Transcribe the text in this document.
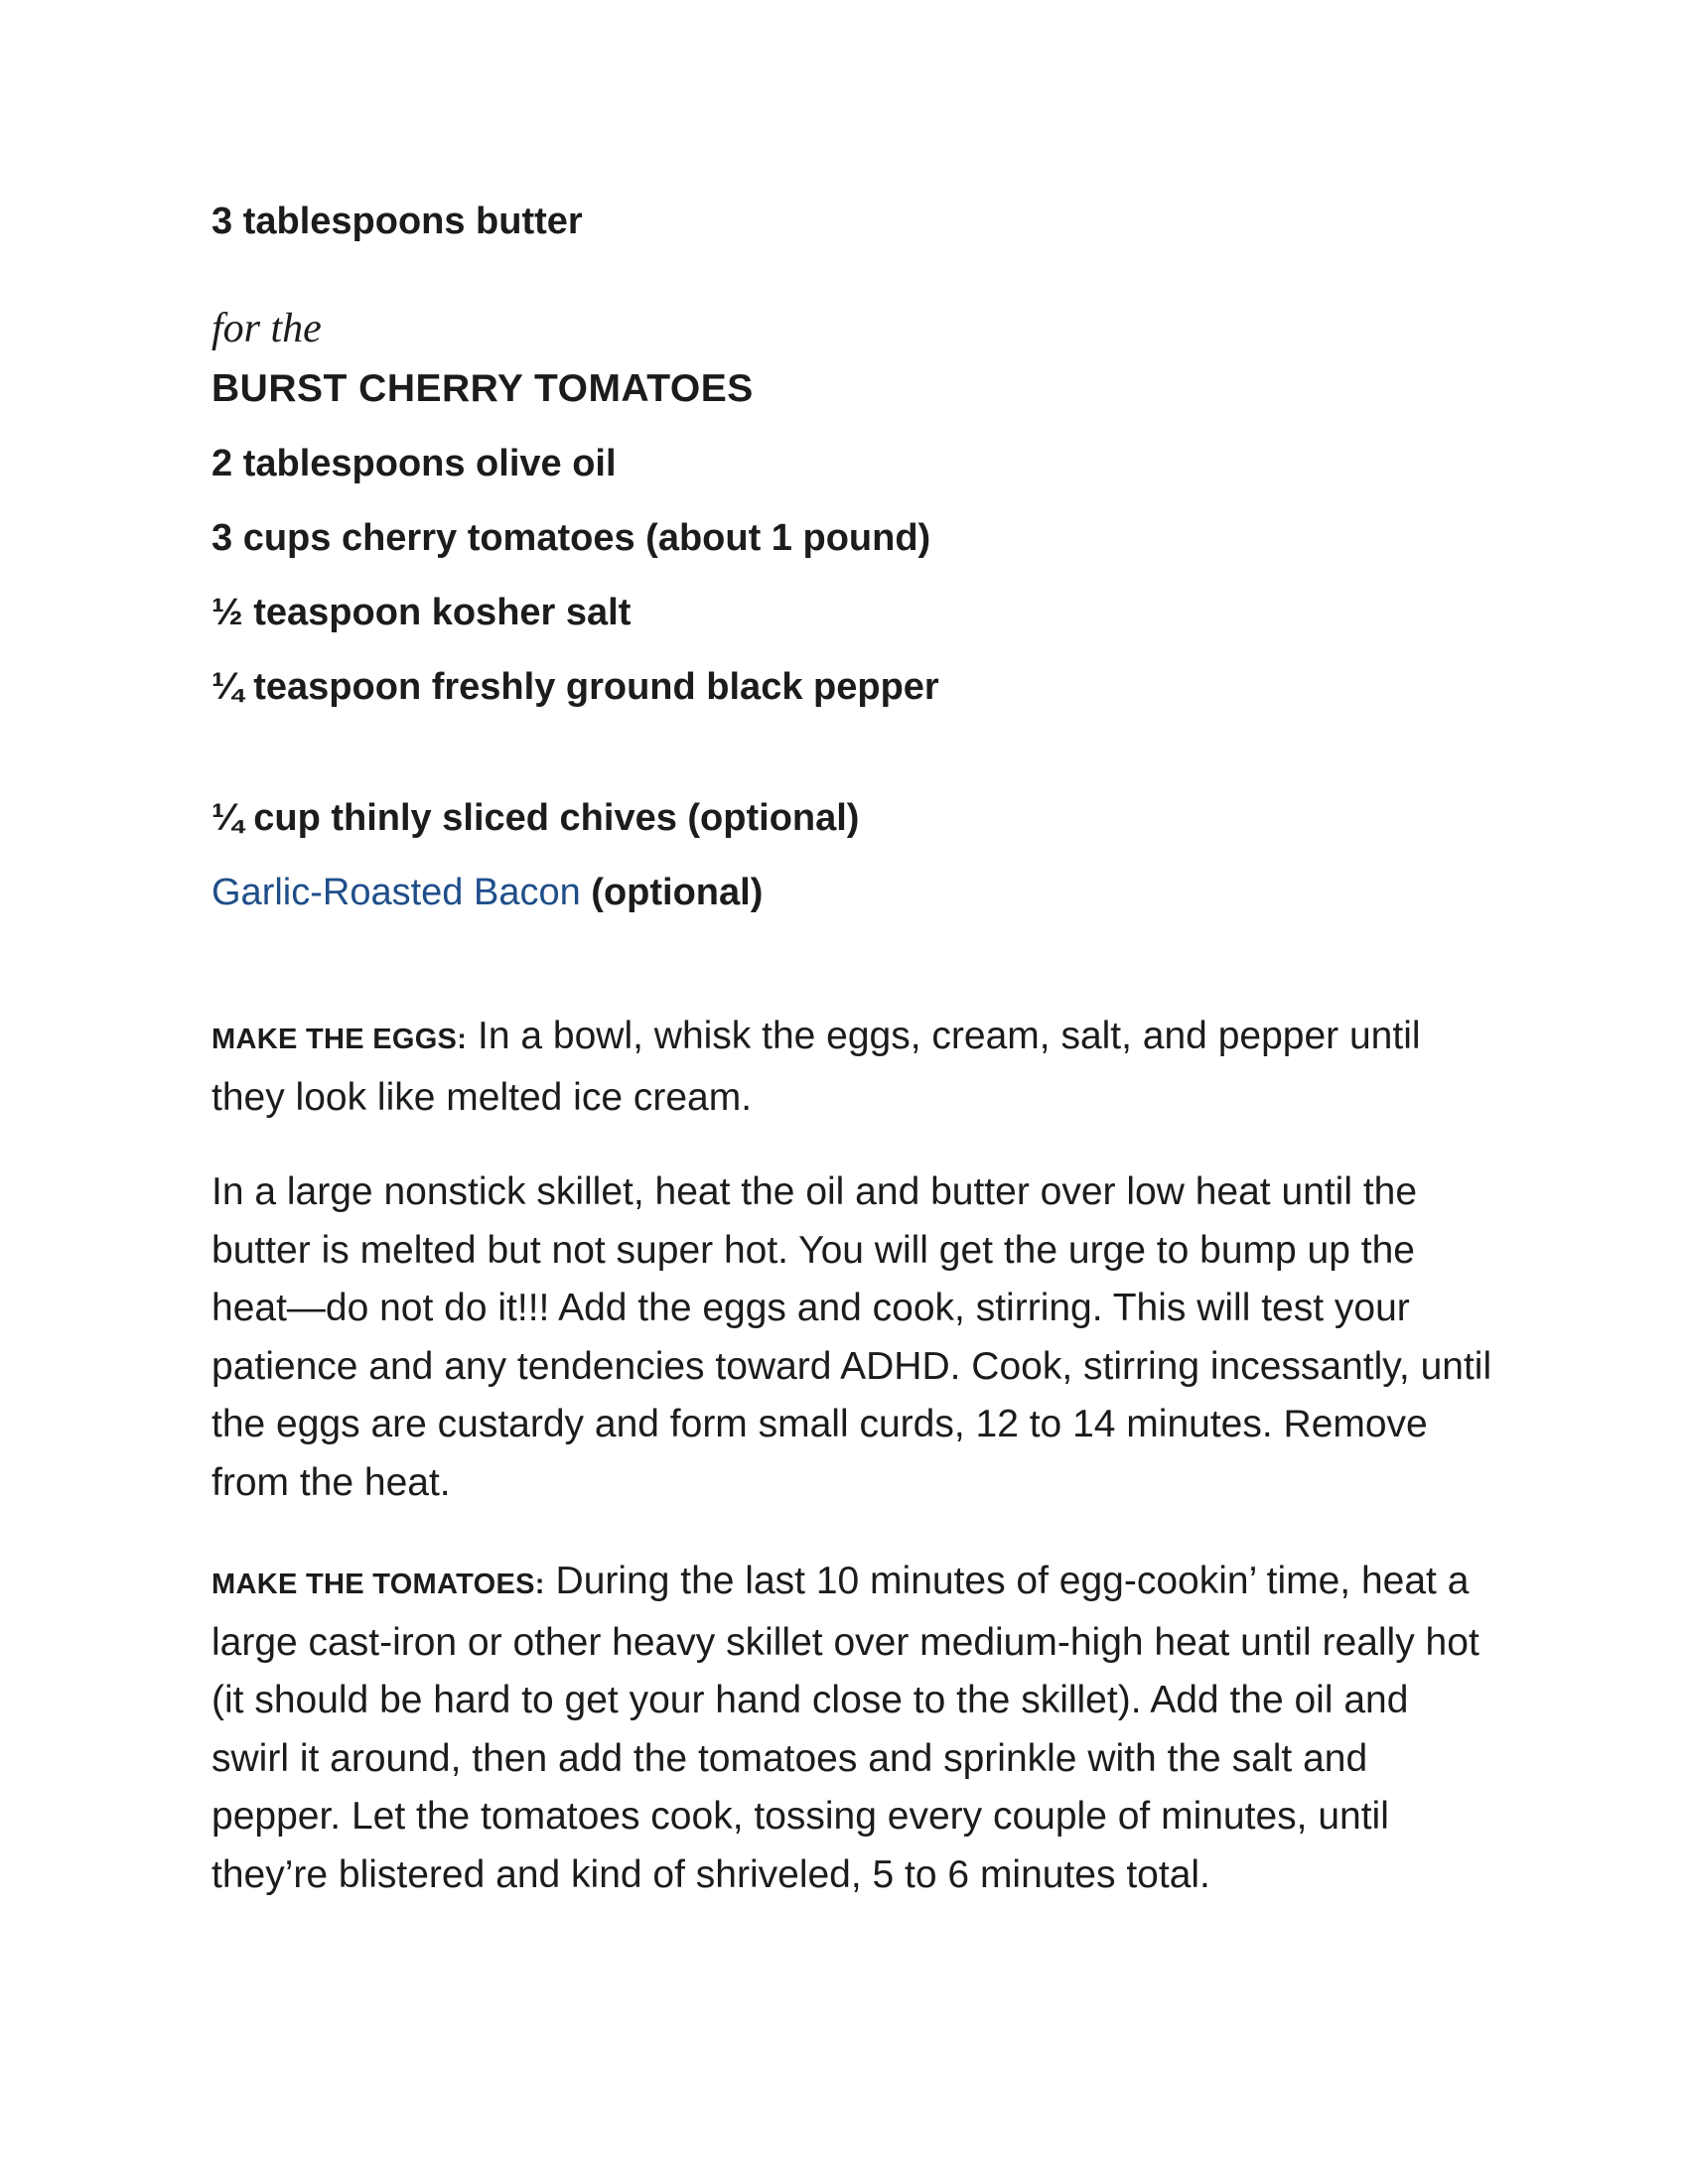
3 tablespoons butter

for the

BURST CHERRY TOMATOES

2 tablespoons olive oil

3 cups cherry tomatoes (about 1 pound)

½ teaspoon kosher salt

¼ teaspoon freshly ground black pepper

¼ cup thinly sliced chives (optional)

Garlic-Roasted Bacon (optional)

MAKE THE EGGS: In a bowl, whisk the eggs, cream, salt, and pepper until they look like melted ice cream.

In a large nonstick skillet, heat the oil and butter over low heat until the butter is melted but not super hot. You will get the urge to bump up the heat—do not do it!!! Add the eggs and cook, stirring. This will test your patience and any tendencies toward ADHD. Cook, stirring incessantly, until the eggs are custardy and form small curds, 12 to 14 minutes. Remove from the heat.

MAKE THE TOMATOES: During the last 10 minutes of egg-cookin’ time, heat a large cast-iron or other heavy skillet over medium-high heat until really hot (it should be hard to get your hand close to the skillet). Add the oil and swirl it around, then add the tomatoes and sprinkle with the salt and pepper. Let the tomatoes cook, tossing every couple of minutes, until they’re blistered and kind of shriveled, 5 to 6 minutes total.
